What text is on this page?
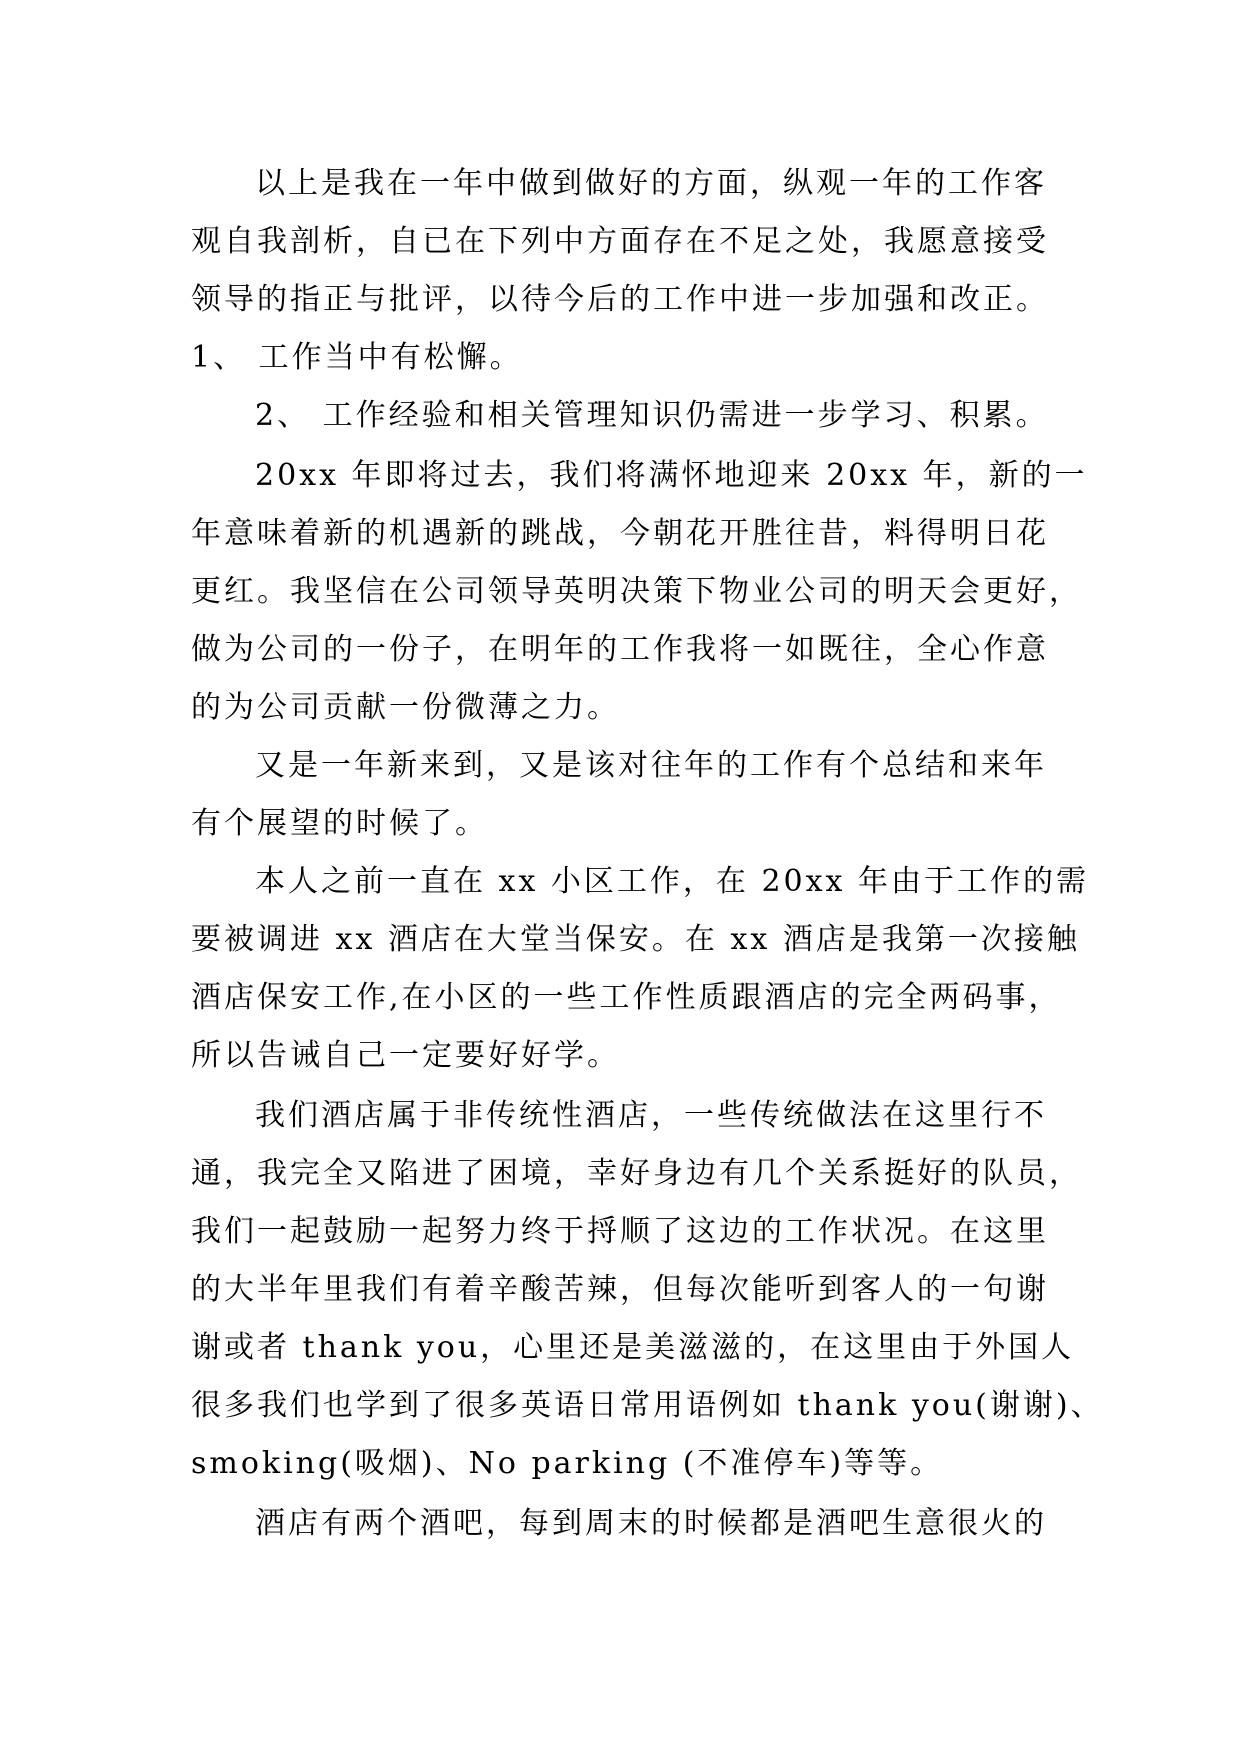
以上是我在一年中做到做好的方面，纵观一年的工作客
观自我剖析，自已在下列中方面存在不足之处，我愿意接受
领导的指正与批评，以待今后的工作中进一步加强和改正。
1、 工作当中有松懈。
2、 工作经验和相关管理知识仍需进一步学习、积累。
20xx 年即将过去，我们将满怀地迎来 20xx 年，新的一
年意味着新的机遇新的跳战，今朝花开胜往昔，料得明日花
更红。我坚信在公司领导英明决策下物业公司的明天会更好，
做为公司的一份子，在明年的工作我将一如既往，全心作意
的为公司贡献一份微薄之力。
又是一年新来到，又是该对往年的工作有个总结和来年
有个展望的时候了。
本人之前一直在 xx 小区工作，在 20xx 年由于工作的需
要被调进 xx 酒店在大堂当保安。在 xx 酒店是我第一次接触
酒店保安工作,在小区的一些工作性质跟酒店的完全两码事，
所以告诫自己一定要好好学。
我们酒店属于非传统性酒店，一些传统做法在这里行不
通，我完全又陷进了困境，幸好身边有几个关系挺好的队员，
我们一起鼓励一起努力终于捋顺了这边的工作状况。在这里
的大半年里我们有着辛酸苦辣，但每次能听到客人的一句谢
谢或者 thank you，心里还是美滋滋的，在这里由于外国人
很多我们也学到了很多英语日常用语例如 thank you(谢谢)、
smoking(吸烟)、No parking (不准停车)等等。
酒店有两个酒吧，每到周末的时候都是酒吧生意很火的
